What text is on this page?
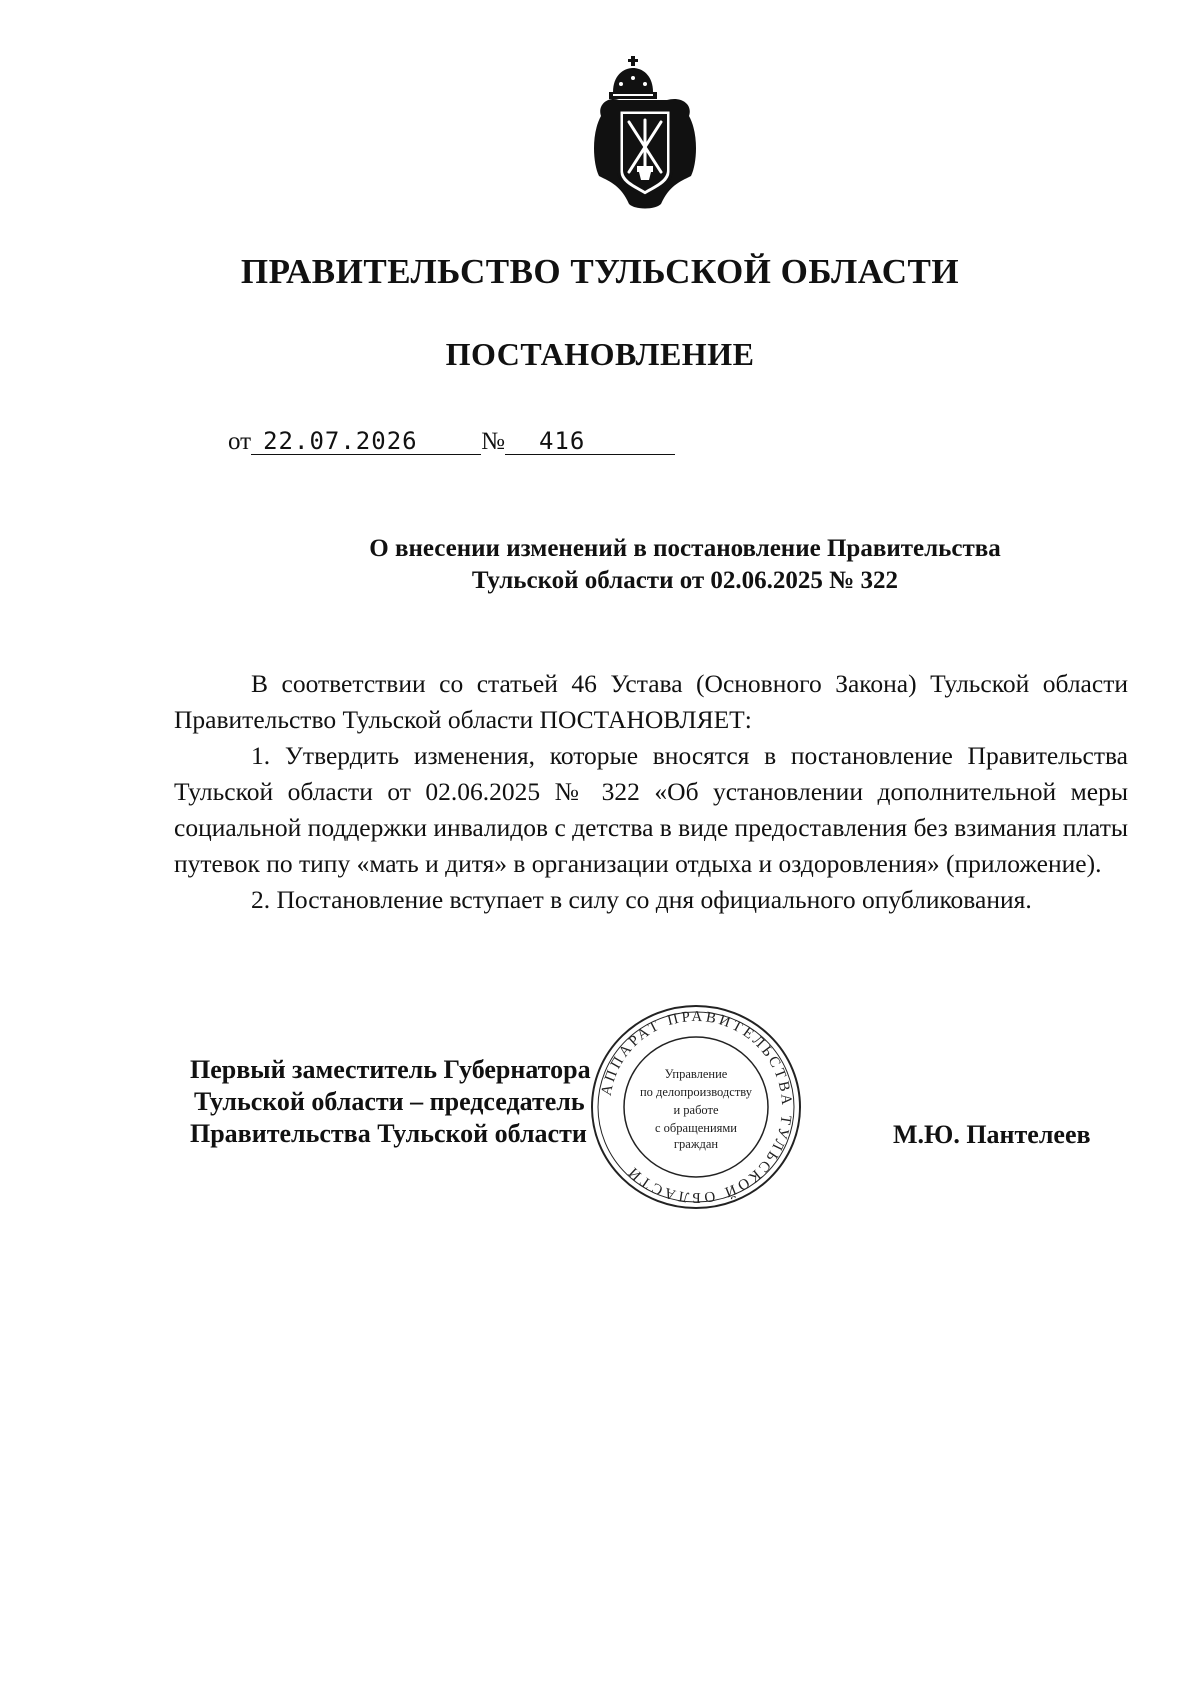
ПРАВИТЕЛЬСТВО ТУЛЬСКОЙ ОБЛАСТИ
ПОСТАНОВЛЕНИЕ
от 22.07.2026	№ 416
О внесении изменений в постановление Правительства
Тульской области от 02.06.2025 № 322

В соответствии со статьей 46 Устава (Основного Закона) Тульской области Правительство Тульской области ПОСТАНОВЛЯЕТ:

1. Утвердить изменения, которые вносятся в постановление Правительства Тульской области от 02.06.2025 № 322 «Об установлении дополнительной меры социальной поддержки инвалидов с детства в виде предоставления без взимания платы путевок по типу «мать и дитя» в организации отдыха и оздоровления» (приложение).

2. Постановление вступает в силу со дня официального опубликования.

Первый заместитель Губернатора
Тульской области – председатель
Правительства Тульской области	М.Ю. Пантелеев
АППАРАТ ПРАВИТЕЛЬСТВА ТУЛЬСКОЙ ОБЛАСТИ
Управление
по делопроизводству
и работе
с обращениями
граждан
